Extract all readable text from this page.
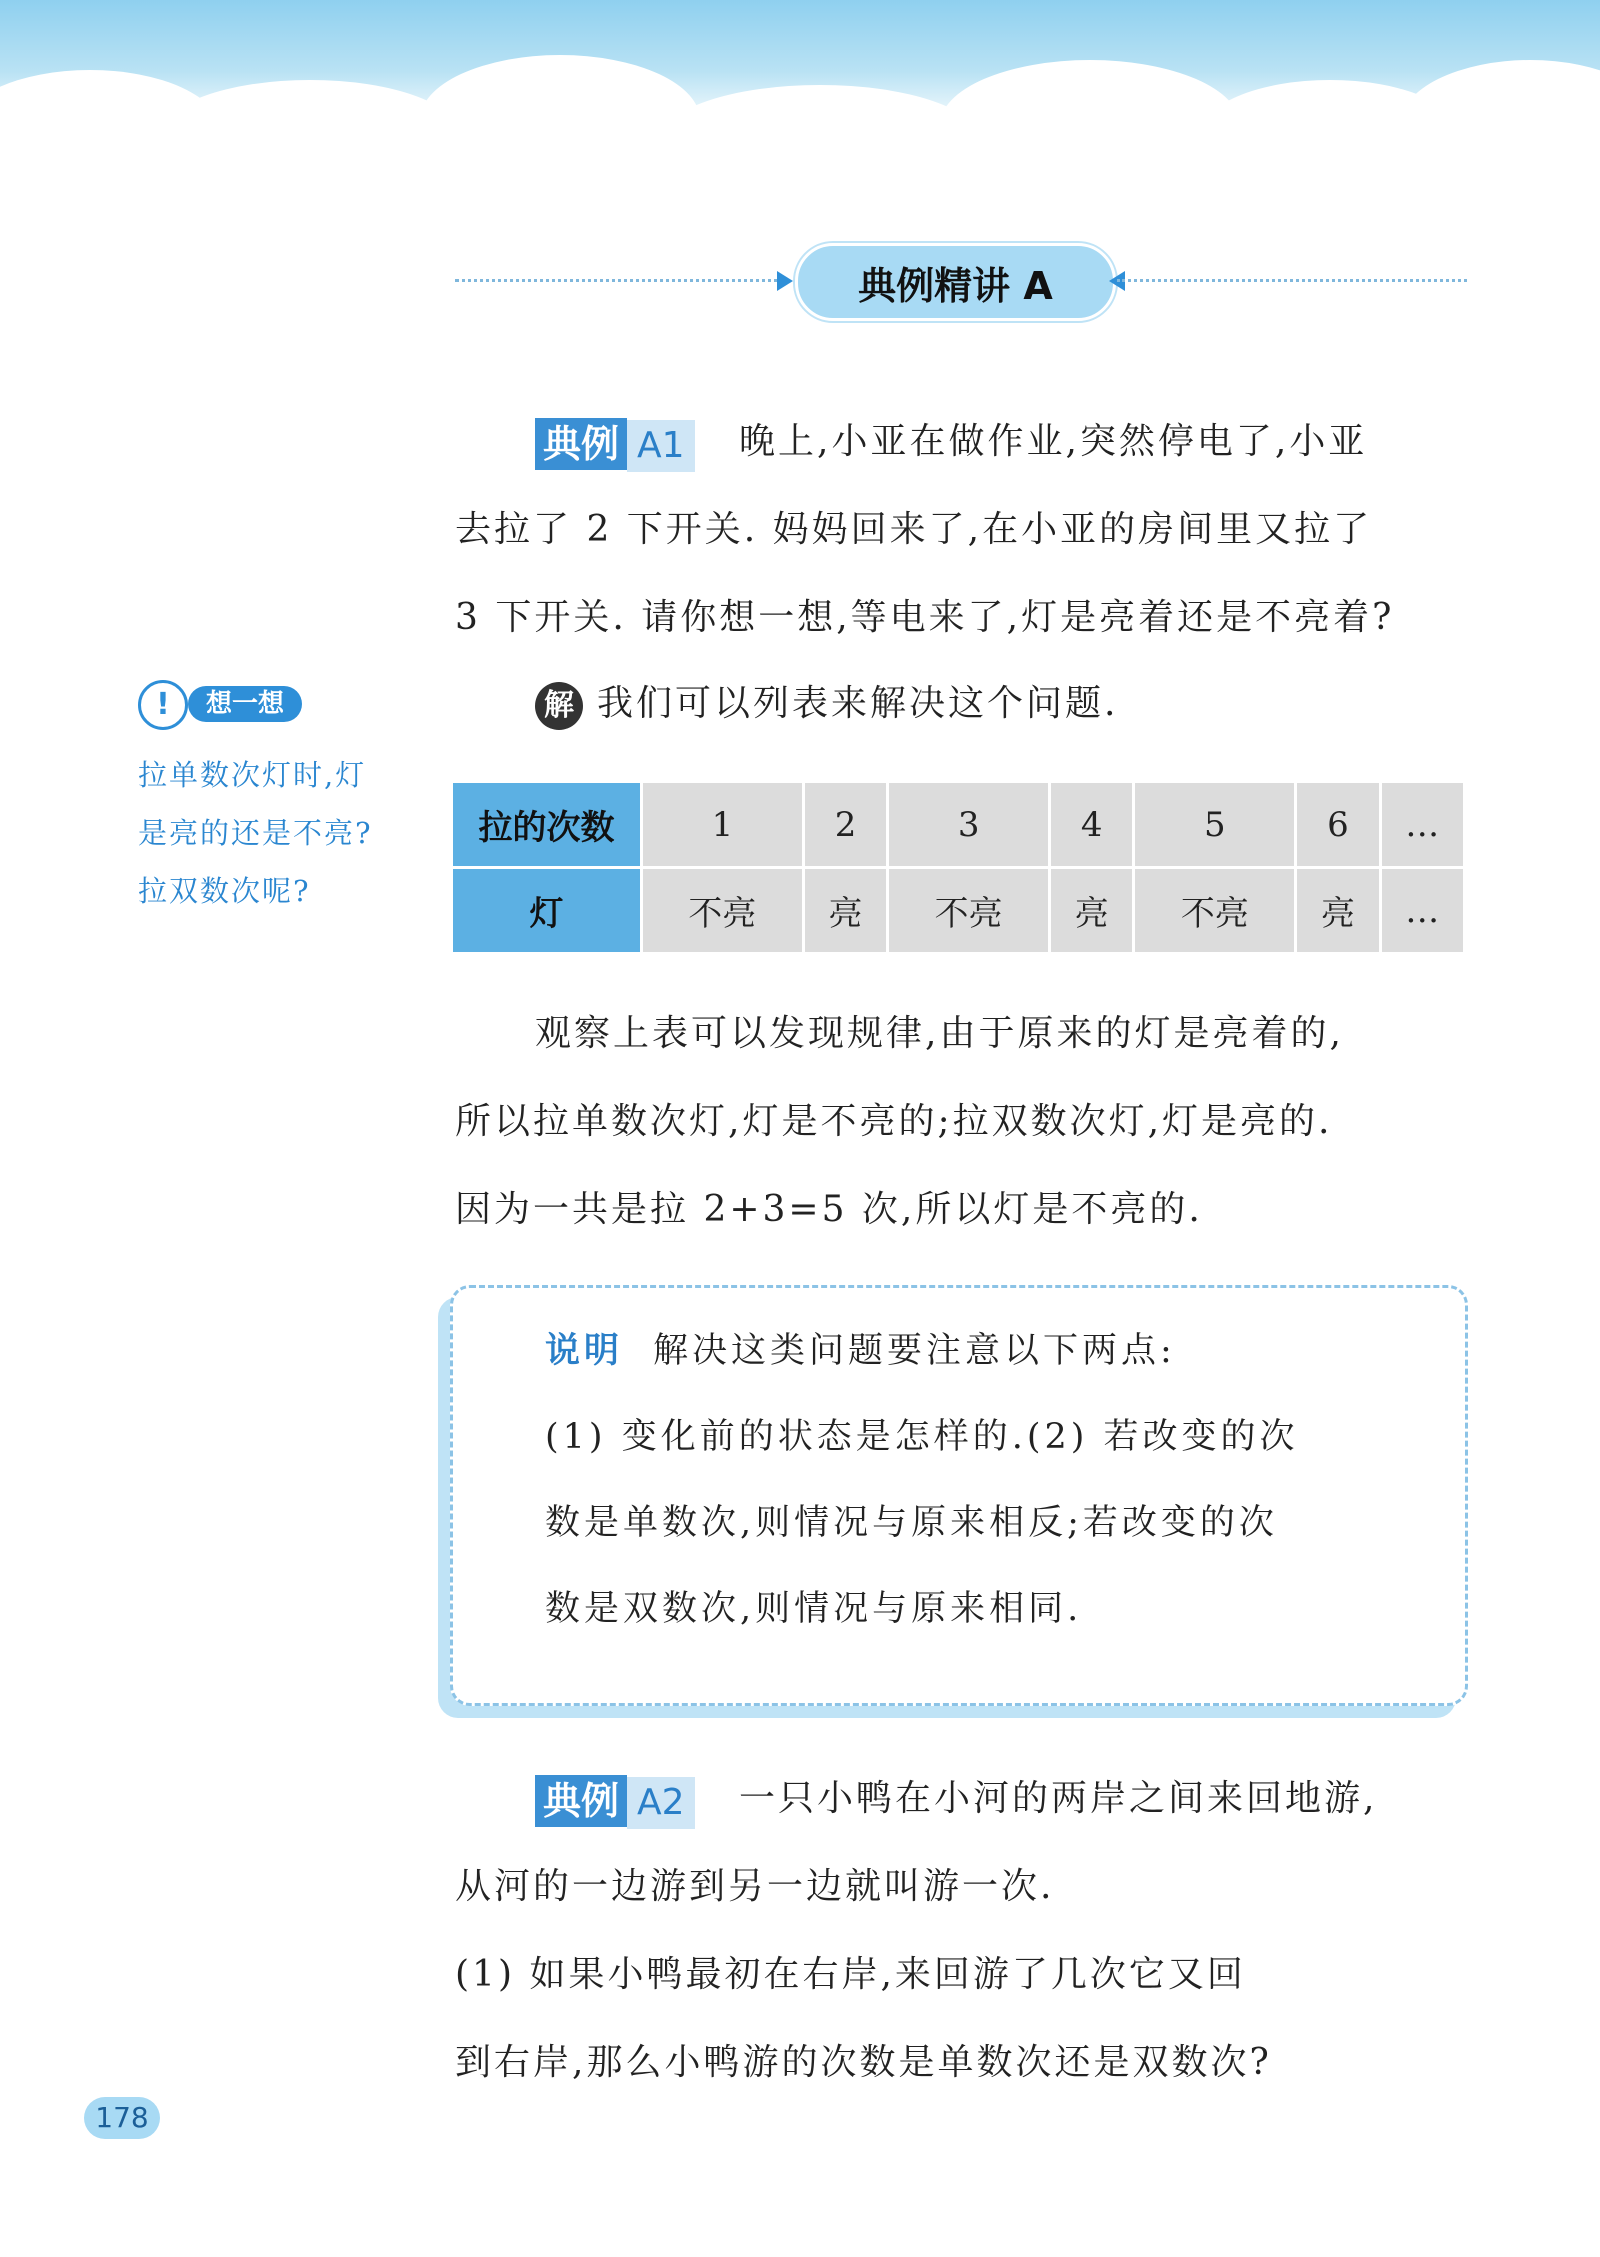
典例精讲 A

典例 A1 晚上,小亚在做作业,突然停电了,小亚
去拉了 2 下开关. 妈妈回来了,在小亚的房间里又拉了
3 下开关. 请你想一想,等电来了,灯是亮着还是不亮着?

解 我们可以列表来解决这个问题.

!	想一想
拉单数次灯时,灯
是亮的还是不亮?
拉双数次呢?
拉的次数	1	2	3	4	5	6	…
灯	不亮	亮	不亮	亮	不亮	亮	…

观察上表可以发现规律,由于原来的灯是亮着的,
所以拉单数次灯,灯是不亮的;拉双数次灯,灯是亮的.
因为一共是拉 2+3=5 次,所以灯是不亮的.

说明 解决这类问题要注意以下两点:
(1) 变化前的状态是怎样的.(2) 若改变的次
数是单数次,则情况与原来相反;若改变的次
数是双数次,则情况与原来相同.

典例 A2 一只小鸭在小河的两岸之间来回地游,
从河的一边游到另一边就叫游一次.
(1) 如果小鸭最初在右岸,来回游了几次它又回
到右岸,那么小鸭游的次数是单数次还是双数次?

178
